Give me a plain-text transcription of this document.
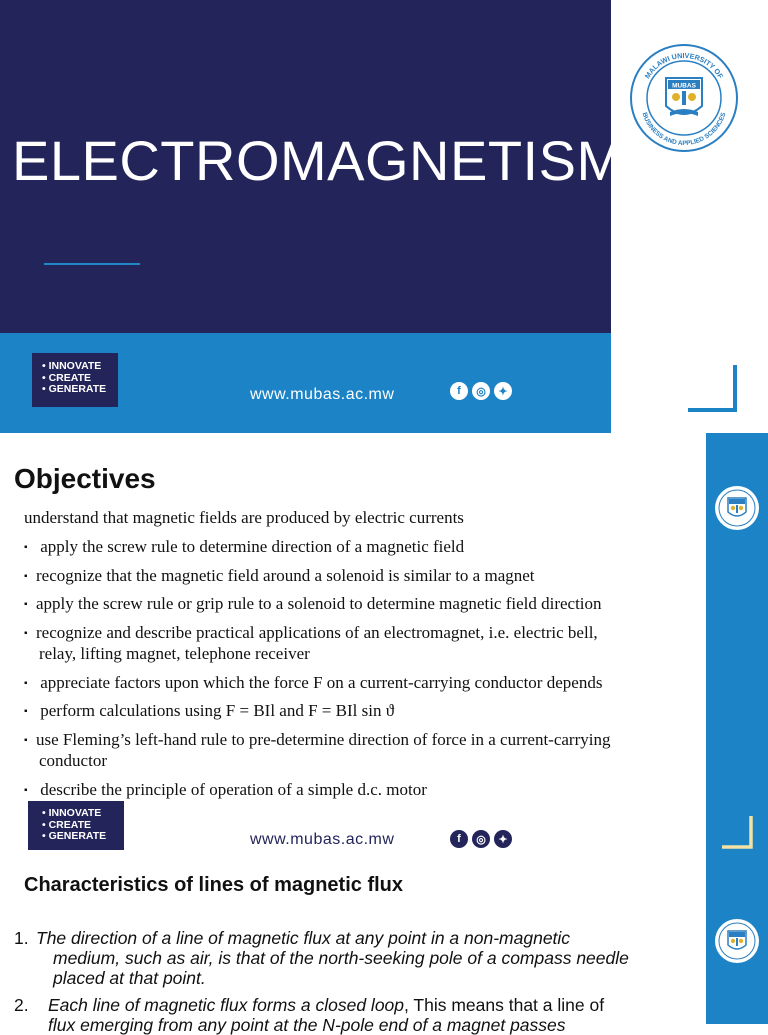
ELECTROMAGNETISM
MALAWI UNIVERSITY OF
BUSINESS AND APPLIED SCIENCES
MUBAS
• INNOVATE
• CREATE
• GENERATE	www.mubas.ac.mw	f	◎	✦
Objectives
understand that magnetic fields are produced by electric currents
▪ apply the screw rule to determine direction of a magnetic field
▪ recognize that the magnetic field around a solenoid is similar to a magnet
▪ apply the screw rule or grip rule to a solenoid to determine magnetic field direction
▪ recognize and describe practical applications of an electromagnet, i.e. electric bell,
relay, lifting magnet, telephone receiver
▪ appreciate factors upon which the force F on a current-carrying conductor depends
▪ perform calculations using F = BIl and F = BIl sin ϑ
▪ use Fleming’s left-hand rule to pre-determine direction of force in a current-carrying
conductor
▪ describe the principle of operation of a simple d.c. motor
• INNOVATE
• CREATE
• GENERATE	www.mubas.ac.mw	f	◎	✦
Characteristics of lines of magnetic flux
1. The direction of a line of magnetic flux at any point in a non-magnetic
medium, such as air, is that of the north-seeking pole of a compass needle
placed at that point.
2.	Each line of magnetic flux forms a closed loop, This means that a line of
flux emerging from any point at the N-pole end of a magnet passes
